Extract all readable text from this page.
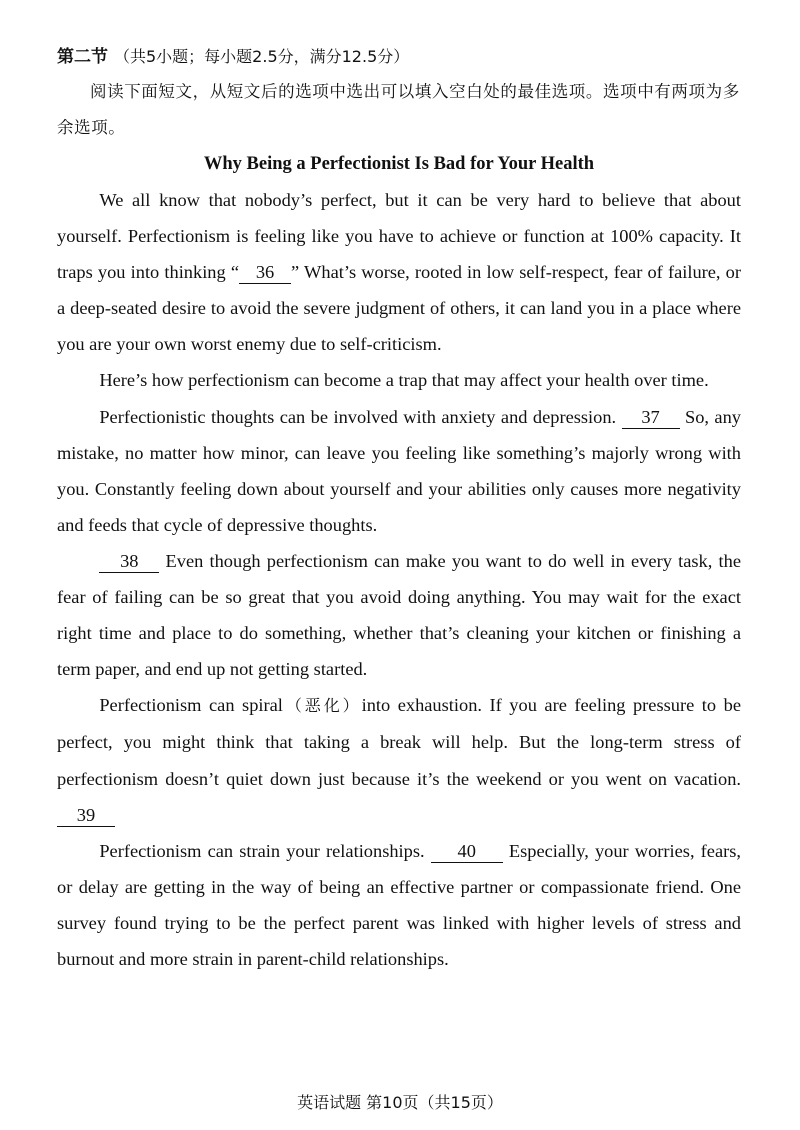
第二节 （共5小题；每小题2.5分，满分12.5分）

阅读下面短文，从短文后的选项中选出可以填入空白处的最佳选项。选项中有两项为多余选项。

Why Being a Perfectionist Is Bad for Your Health

We all know that nobody’s perfect, but it can be very hard to believe that about yourself. Perfectionism is feeling like you have to achieve or function at 100% capacity. It traps you into thinking “ 36 ” What’s worse, rooted in low self-respect, fear of failure, or a deep-seated desire to avoid the severe judgment of others, it can land you in a place where you are your own worst enemy due to self-criticism.

Here’s how perfectionism can become a trap that may affect your health over time.

Perfectionistic thoughts can be involved with anxiety and depression. 37 So, any mistake, no matter how minor, can leave you feeling like something’s majorly wrong with you. Constantly feeling down about yourself and your abilities only causes more negativity and feeds that cycle of depressive thoughts.

38 Even though perfectionism can make you want to do well in every task, the fear of failing can be so great that you avoid doing anything. You may wait for the exact right time and place to do something, whether that’s cleaning your kitchen or finishing a term paper, and end up not getting started.

Perfectionism can spiral（恶化）into exhaustion. If you are feeling pressure to be perfect, you might think that taking a break will help. But the long-term stress of perfectionism doesn’t quiet down just because it’s the weekend or you went on vacation. 39

Perfectionism can strain your relationships. 40 Especially, your worries, fears, or delay are getting in the way of being an effective partner or compassionate friend. One survey found trying to be the perfect parent was linked with higher levels of stress and burnout and more strain in parent-child relationships.

英语试题 第10页（共15页）
